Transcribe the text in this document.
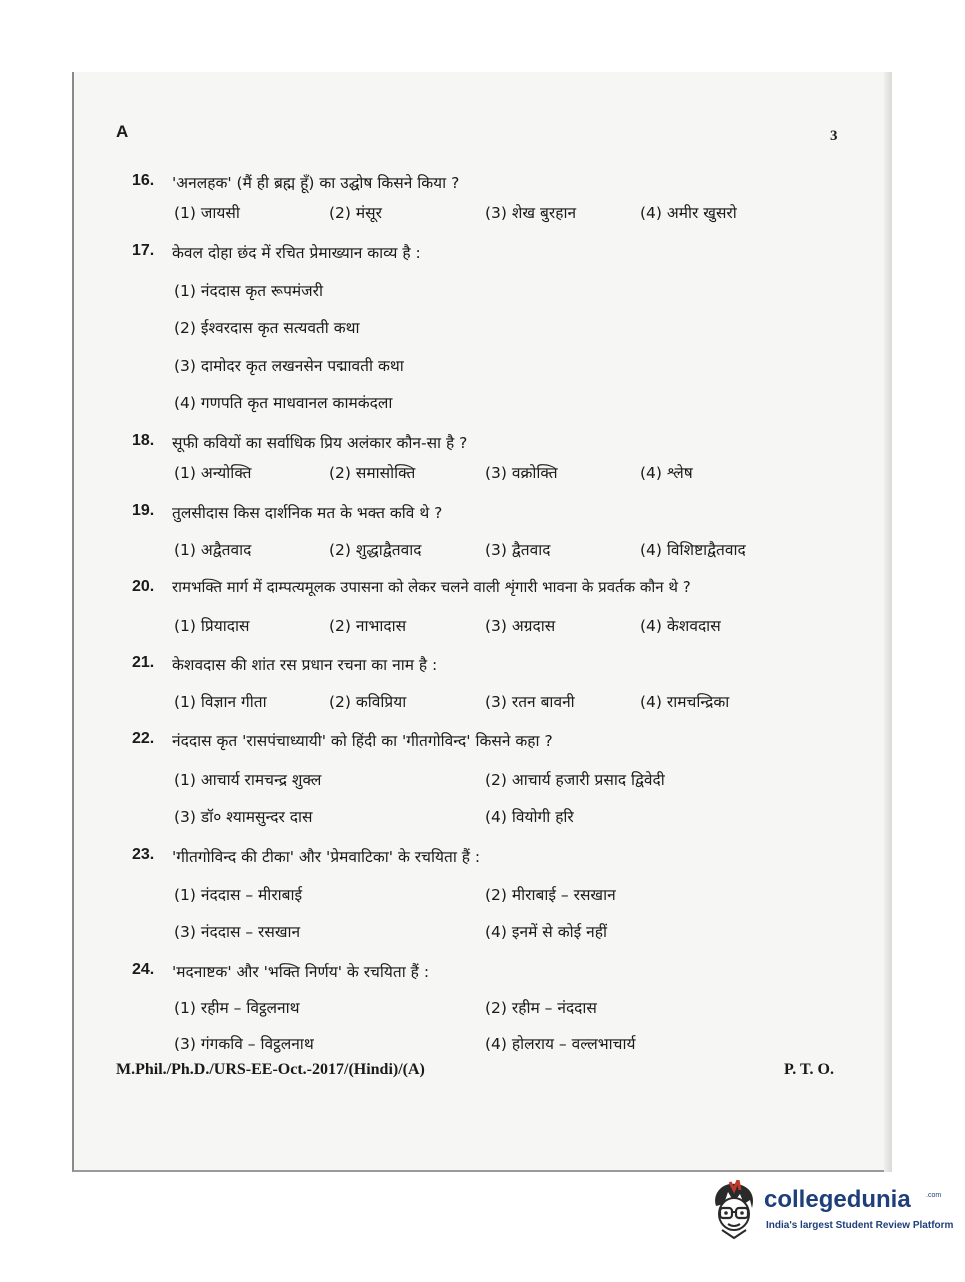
A	3
16. 'अनलहक' (मैं ही ब्रह्म हूँ) का उद्घोष किसने किया ?
(1) जायसी	(2) मंसूर	(3) शेख बुरहान	(4) अमीर खुसरो
17. केवल दोहा छंद में रचित प्रेमाख्यान काव्य है :
(1) नंददास कृत रूपमंजरी
(2) ईश्वरदास कृत सत्यवती कथा
(3) दामोदर कृत लखनसेन पद्मावती कथा
(4) गणपति कृत माधवानल कामकंदला
18. सूफी कवियों का सर्वाधिक प्रिय अलंकार कौन-सा है ?
(1) अन्योक्ति	(2) समासोक्ति	(3) वक्रोक्ति	(4) श्लेष
19. तुलसीदास किस दार्शनिक मत के भक्त कवि थे ?
(1) अद्वैतवाद	(2) शुद्धाद्वैतवाद	(3) द्वैतवाद	(4) विशिष्टाद्वैतवाद
20. रामभक्ति मार्ग में दाम्पत्यमूलक उपासना को लेकर चलने वाली शृंगारी भावना के प्रवर्तक कौन थे ?
(1) प्रियादास	(2) नाभादास	(3) अग्रदास	(4) केशवदास
21. केशवदास की शांत रस प्रधान रचना का नाम है :
(1) विज्ञान गीता	(2) कविप्रिया	(3) रतन बावनी	(4) रामचन्द्रिका
22. नंददास कृत 'रासपंचाध्यायी' को हिंदी का 'गीतगोविन्द' किसने कहा ?
(1) आचार्य रामचन्द्र शुक्ल	(2) आचार्य हजारी प्रसाद द्विवेदी
(3) डॉ० श्यामसुन्दर दास	(4) वियोगी हरि
23. 'गीतगोविन्द की टीका' और 'प्रेमवाटिका' के रचयिता हैं :
(1) नंददास – मीराबाई	(2) मीराबाई – रसखान
(3) नंददास – रसखान	(4) इनमें से कोई नहीं
24. 'मदनाष्टक' और 'भक्ति निर्णय' के रचयिता हैं :
(1) रहीम – विट्ठलनाथ	(2) रहीम – नंददास
(3) गंगकवि – विट्ठलनाथ	(4) होलराय – वल्लभाचार्य
M.Phil./Ph.D./URS-EE-Oct.-2017/(Hindi)/(A)	P. T. O.
collegedunia .com
India's largest Student Review Platform
